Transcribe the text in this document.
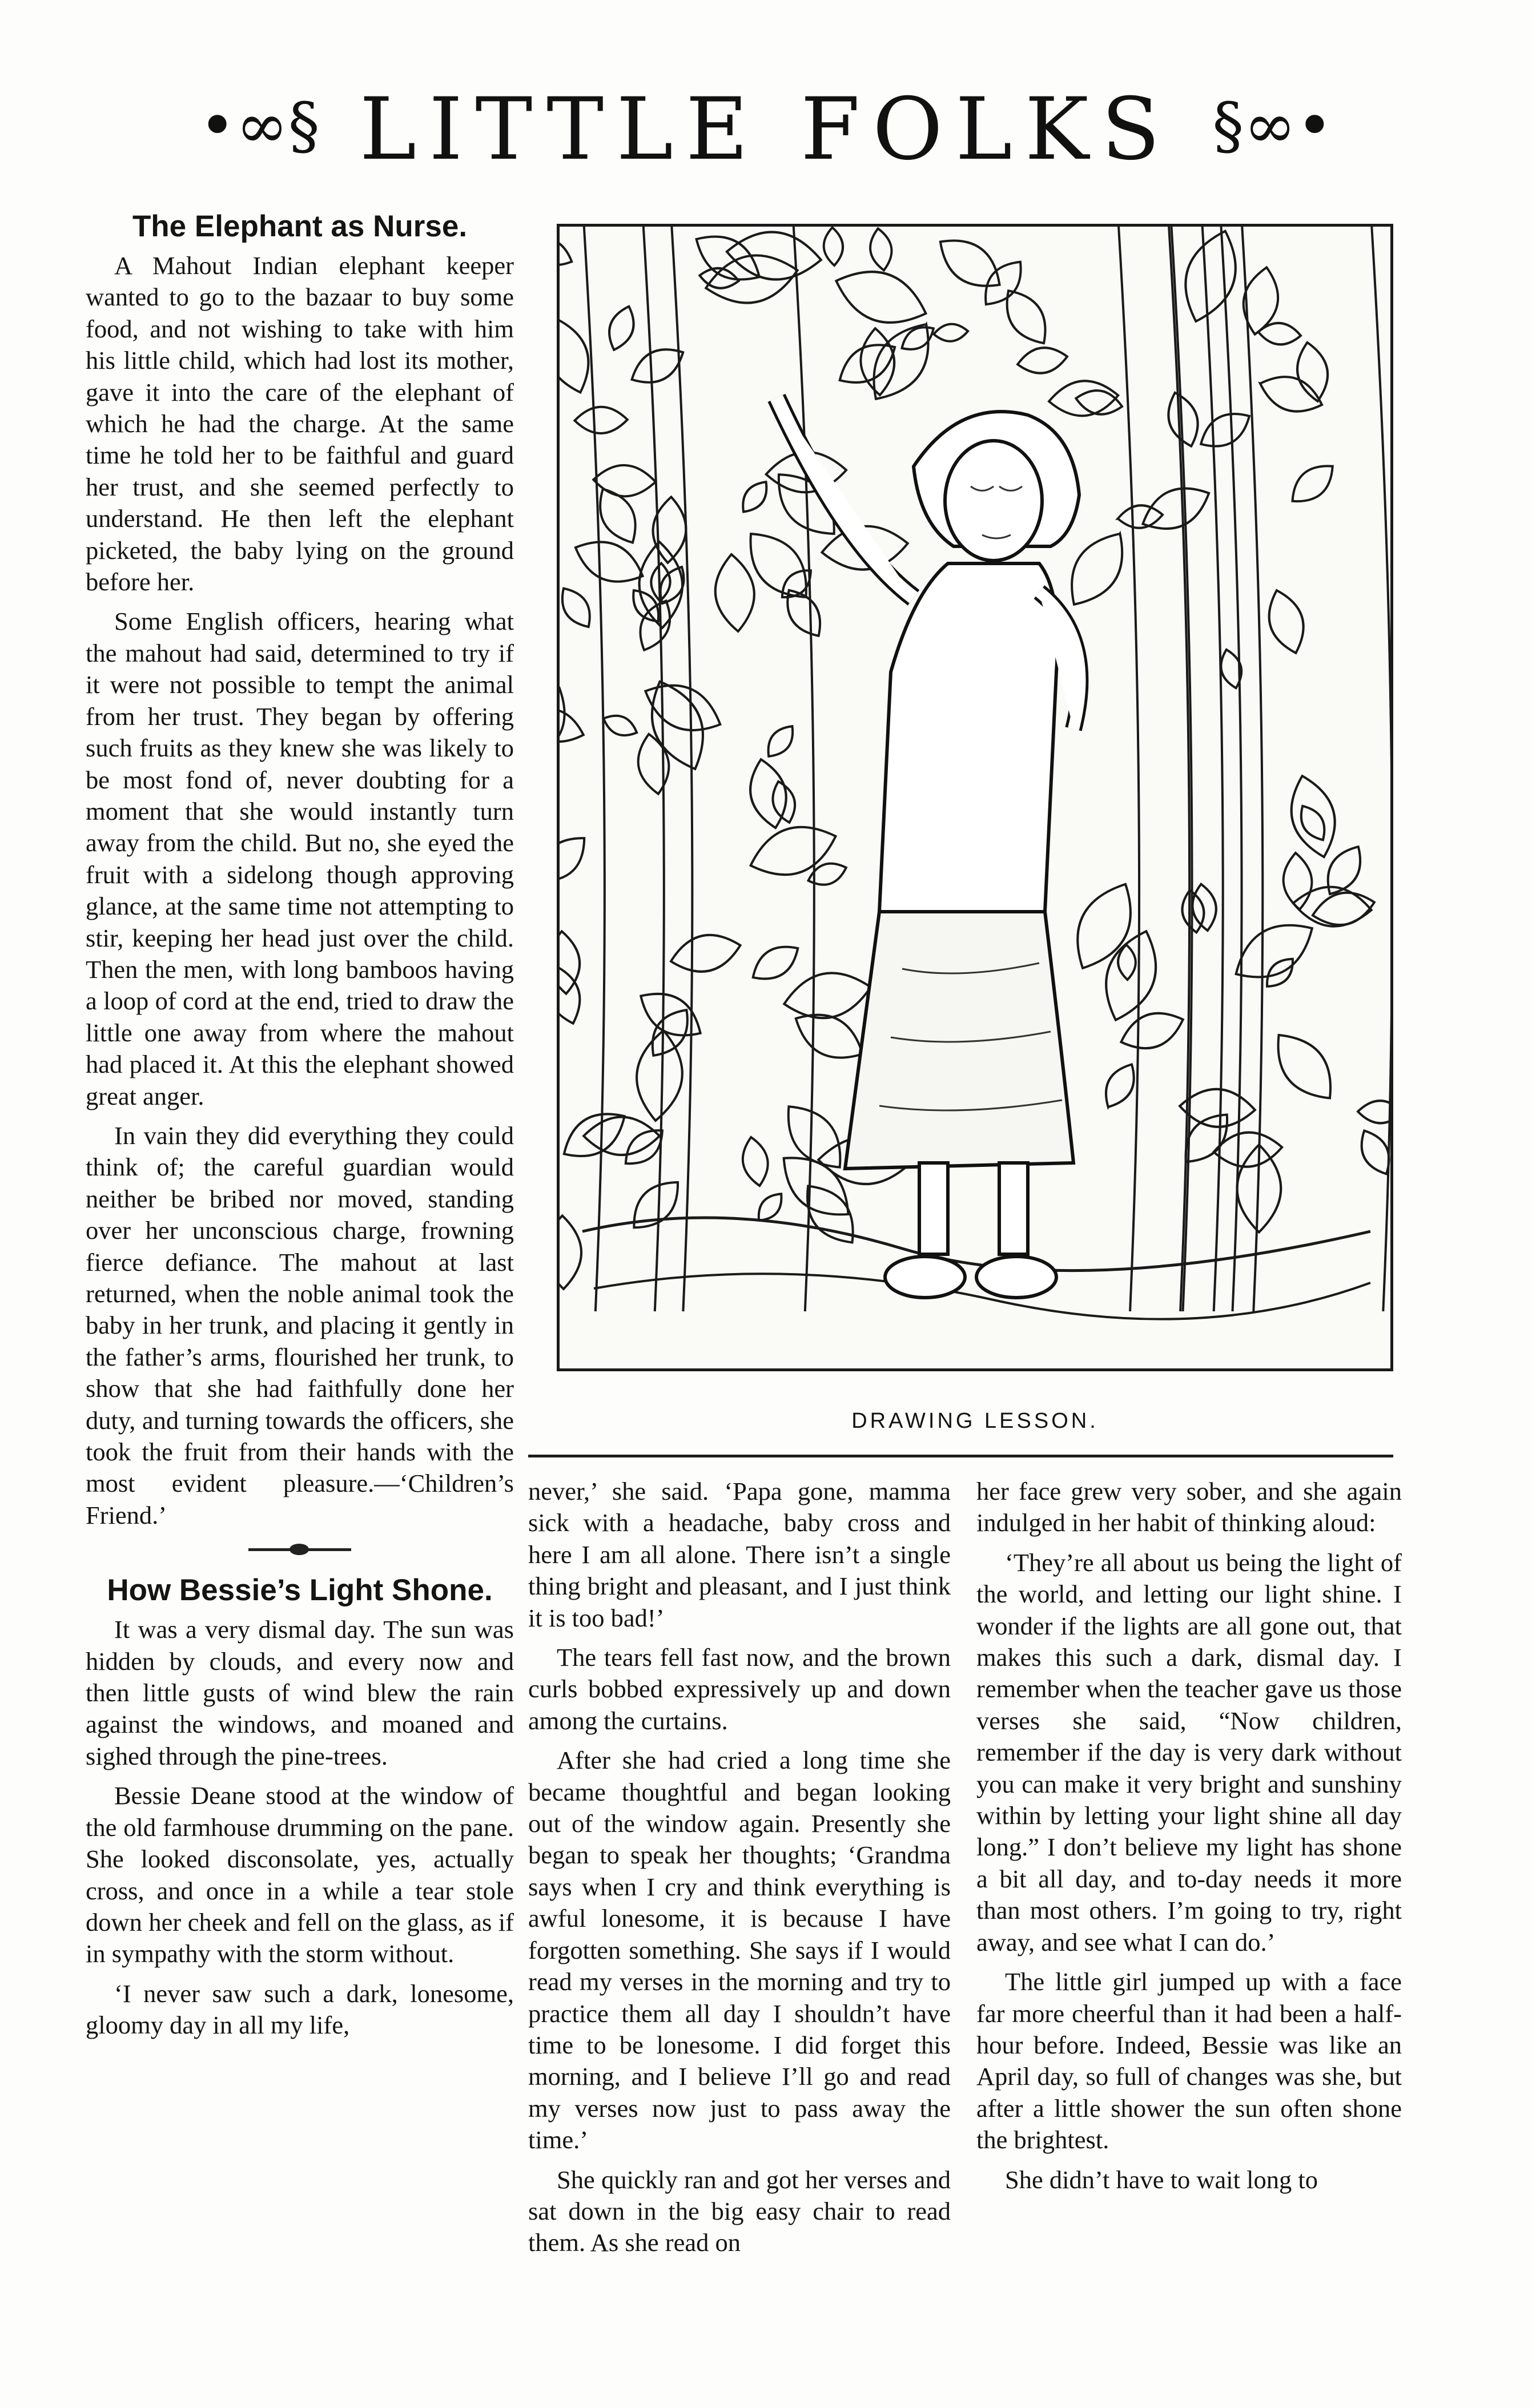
•∞§ LITTLE FOLKS §∞•
The Elephant as Nurse.

A Mahout Indian elephant keeper wanted to go to the bazaar to buy some food, and not wishing to take with him his little child, which had lost its mother, gave it into the care of the elephant of which he had the charge. At the same time he told her to be faithful and guard her trust, and she seemed perfectly to understand. He then left the elephant picketed, the baby lying on the ground before her.

Some English officers, hearing what the mahout had said, determined to try if it were not possible to tempt the animal from her trust. They began by offering such fruits as they knew she was likely to be most fond of, never doubting for a moment that she would instantly turn away from the child. But no, she eyed the fruit with a sidelong though approving glance, at the same time not attempting to stir, keeping her head just over the child. Then the men, with long bamboos having a loop of cord at the end, tried to draw the little one away from where the mahout had placed it. At this the elephant showed great anger.

In vain they did everything they could think of; the careful guardian would neither be bribed nor moved, standing over her unconscious charge, frowning fierce defiance. The mahout at last returned, when the noble animal took the baby in her trunk, and placing it gently in the father’s arms, flourished her trunk, to show that she had faithfully done her duty, and turning towards the officers, she took the fruit from their hands with the most evident pleasure.—‘Children’s Friend.’

How Bessie’s Light Shone.

It was a very dismal day. The sun was hidden by clouds, and every now and then little gusts of wind blew the rain against the windows, and moaned and sighed through the pine-trees.

Bessie Deane stood at the window of the old farmhouse drumming on the pane. She looked disconsolate, yes, actually cross, and once in a while a tear stole down her cheek and fell on the glass, as if in sympathy with the storm without.

‘I never saw such a dark, lonesome, gloomy day in all my life,

DRAWING LESSON.

never,’ she said. ‘Papa gone, mamma sick with a headache, baby cross and here I am all alone. There isn’t a single thing bright and pleasant, and I just think it is too bad!’

The tears fell fast now, and the brown curls bobbed expressively up and down among the curtains.

After she had cried a long time she became thoughtful and began looking out of the window again. Presently she began to speak her thoughts; ‘Grandma says when I cry and think everything is awful lonesome, it is because I have forgotten something. She says if I would read my verses in the morning and try to practice them all day I shouldn’t have time to be lonesome. I did forget this morning, and I believe I’ll go and read my verses now just to pass away the time.’

She quickly ran and got her verses and sat down in the big easy chair to read them. As she read on

her face grew very sober, and she again indulged in her habit of thinking aloud:

‘They’re all about us being the light of the world, and letting our light shine. I wonder if the lights are all gone out, that makes this such a dark, dismal day. I remember when the teacher gave us those verses she said, “Now children, remember if the day is very dark without you can make it very bright and sunshiny within by letting your light shine all day long.” I don’t believe my light has shone a bit all day, and to-day needs it more than most others. I’m going to try, right away, and see what I can do.’

The little girl jumped up with a face far more cheerful than it had been a half-hour before. Indeed, Bessie was like an April day, so full of changes was she, but after a little shower the sun often shone the brightest.

She didn’t have to wait long to
